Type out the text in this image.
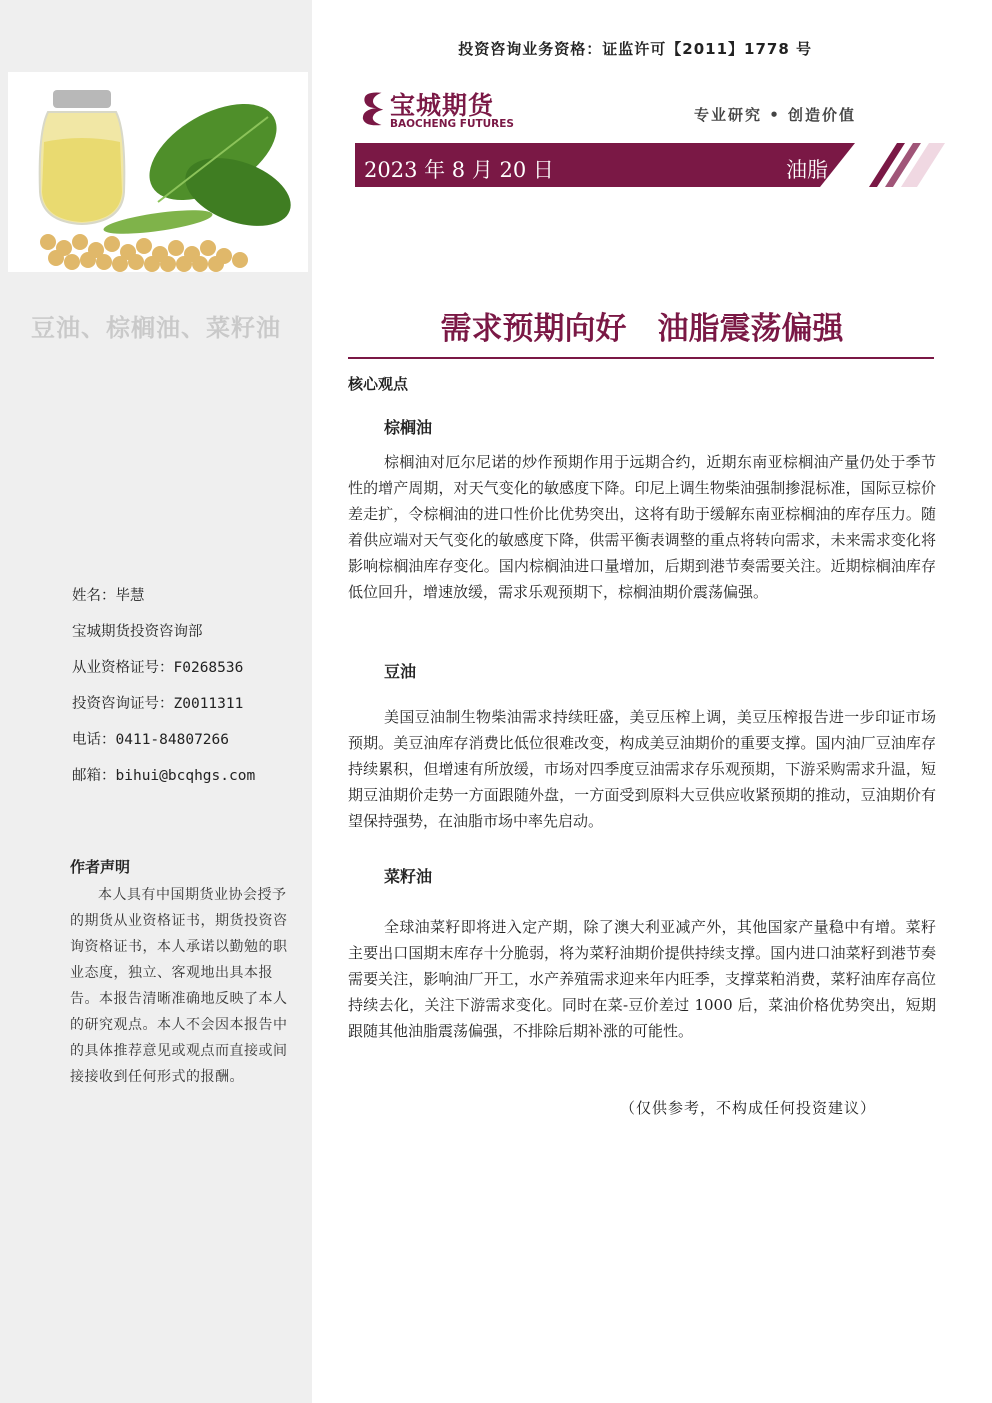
豆油、棕榈油、菜籽油
姓名：毕慧
宝城期货投资咨询部
从业资格证号：F0268536
投资咨询证号：Z0011311
电话：0411-84807266
邮箱：bihui@bcqhgs.com
作者声明
本人具有中国期货业协会授予的期货从业资格证书，期货投资咨询资格证书，本人承诺以勤勉的职业态度，独立、客观地出具本报告。本报告清晰准确地反映了本人的研究观点。本人不会因本报告中的具体推荐意见或观点而直接或间接接收到任何形式的报酬。
投资咨询业务资格：证监许可【2011】1778 号
宝城期货
BAOCHENG FUTURES	专业研究 • 创造价值
2023 年 8 月 20 日	油脂
需求预期向好　油脂震荡偏强
核心观点
棕榈油
棕榈油对厄尔尼诺的炒作预期作用于远期合约，近期东南亚棕榈油产量仍处于季节性的增产周期，对天气变化的敏感度下降。印尼上调生物柴油强制掺混标准，国际豆棕价差走扩，令棕榈油的进口性价比优势突出，这将有助于缓解东南亚棕榈油的库存压力。随着供应端对天气变化的敏感度下降，供需平衡表调整的重点将转向需求，未来需求变化将影响棕榈油库存变化。国内棕榈油进口量增加，后期到港节奏需要关注。近期棕榈油库存低位回升，增速放缓，需求乐观预期下，棕榈油期价震荡偏强。
豆油
美国豆油制生物柴油需求持续旺盛，美豆压榨上调，美豆压榨报告进一步印证市场预期。美豆油库存消费比低位很难改变，构成美豆油期价的重要支撑。国内油厂豆油库存持续累积，但增速有所放缓，市场对四季度豆油需求存乐观预期，下游采购需求升温，短期豆油期价走势一方面跟随外盘，一方面受到原料大豆供应收紧预期的推动，豆油期价有望保持强势，在油脂市场中率先启动。
菜籽油
全球油菜籽即将进入定产期，除了澳大利亚减产外，其他国家产量稳中有增。菜籽主要出口国期末库存十分脆弱，将为菜籽油期价提供持续支撑。国内进口油菜籽到港节奏需要关注，影响油厂开工，水产养殖需求迎来年内旺季，支撑菜粕消费，菜籽油库存高位持续去化，关注下游需求变化。同时在菜-豆价差过 1000 后，菜油价格优势突出，短期跟随其他油脂震荡偏强，不排除后期补涨的可能性。
（仅供参考，不构成任何投资建议）
